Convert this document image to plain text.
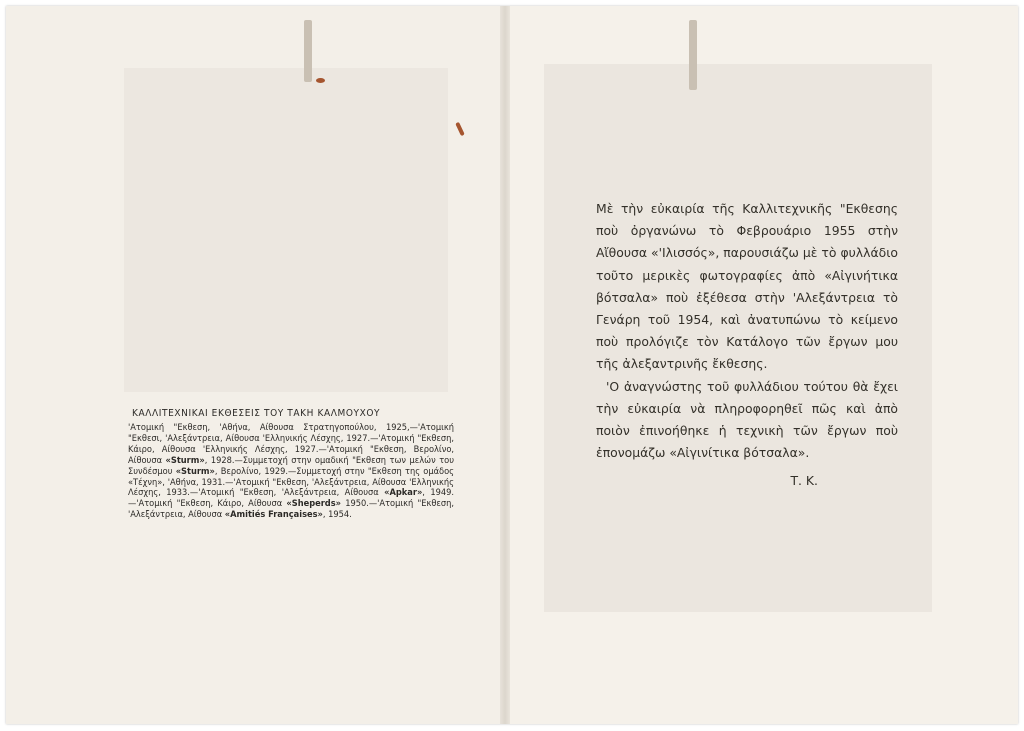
ΚΑΛΛΙΤΕΧΝΙΚΑΙ ΕΚΘΕΣΕΙΣ ΤΟΥ ΤΑΚΗ ΚΑΛΜΟΥΧΟΥ

'Ατομική "Εκθεση, 'Αθήνα, Αίθουσα Στρατηγοπούλου, 1925,—'Ατομική "Εκθεσι, 'Αλεξάντρεια, Αίθουσα 'Ελληνικής Λέσχης, 1927.—'Ατομική "Εκθεση, Κάιρο, Αίθουσα 'Ελληνικής Λέσχης, 1927.—'Ατομική "Εκθεση, Βερολίνο, Αίθουσα «Sturm», 1928.—Συμμετοχή στην ομαδική "Εκθεση των μελών του Συνδέσμου «Sturm», Βερολίνο, 1929.—Συμμετοχή στην "Εκθεση της ομάδος «Τέχνη», 'Αθήνα, 1931.—'Ατομική "Εκθεση, 'Αλεξάντρεια, Αίθουσα 'Ελληνικής Λέσχης, 1933.—'Ατομική "Εκθεση, 'Αλεξάντρεια, Αίθουσα «Apkar», 1949.—'Ατομική "Εκθεση, Κάιρο, Αίθουσα «Sheperds» 1950.—'Ατομική "Εκθεση, 'Αλεξάντρεια, Αίθουσα «Amitiés Françaises», 1954.

Μὲ τὴν εὐκαιρία τῆς Καλλιτεχνικῆς "Εκθεσης ποὺ ὀργανώνω τὸ Φεβρουάριο 1955 στὴν Αἴθουσα «'Ιλισσός», παρουσιάζω μὲ τὸ φυλλάδιο τοῦτο μερικὲς φωτογραφίες ἀπὸ «Αἰγινήτικα βότσαλα» ποὺ ἐξέθεσα στὴν 'Αλεξάντρεια τὸ Γενάρη τοῦ 1954, καὶ ἀνατυπώνω τὸ κείμενο ποὺ προλόγιζε τὸν Κατάλογο τῶν ἔργων μου τῆς ἀλεξαντρινῆς ἔκθεσης.

'Ο ἀναγνώστης τοῦ φυλλάδιου τούτου θὰ ἔχει τὴν εὐκαιρία νὰ πληροφορηθεῖ πῶς καὶ ἀπὸ ποιὸν ἐπινοήθηκε ἡ τεχνικὴ τῶν ἔργων ποὺ ἐπονομάζω «Αἰγινίτικα βότσαλα».

Τ. Κ.
